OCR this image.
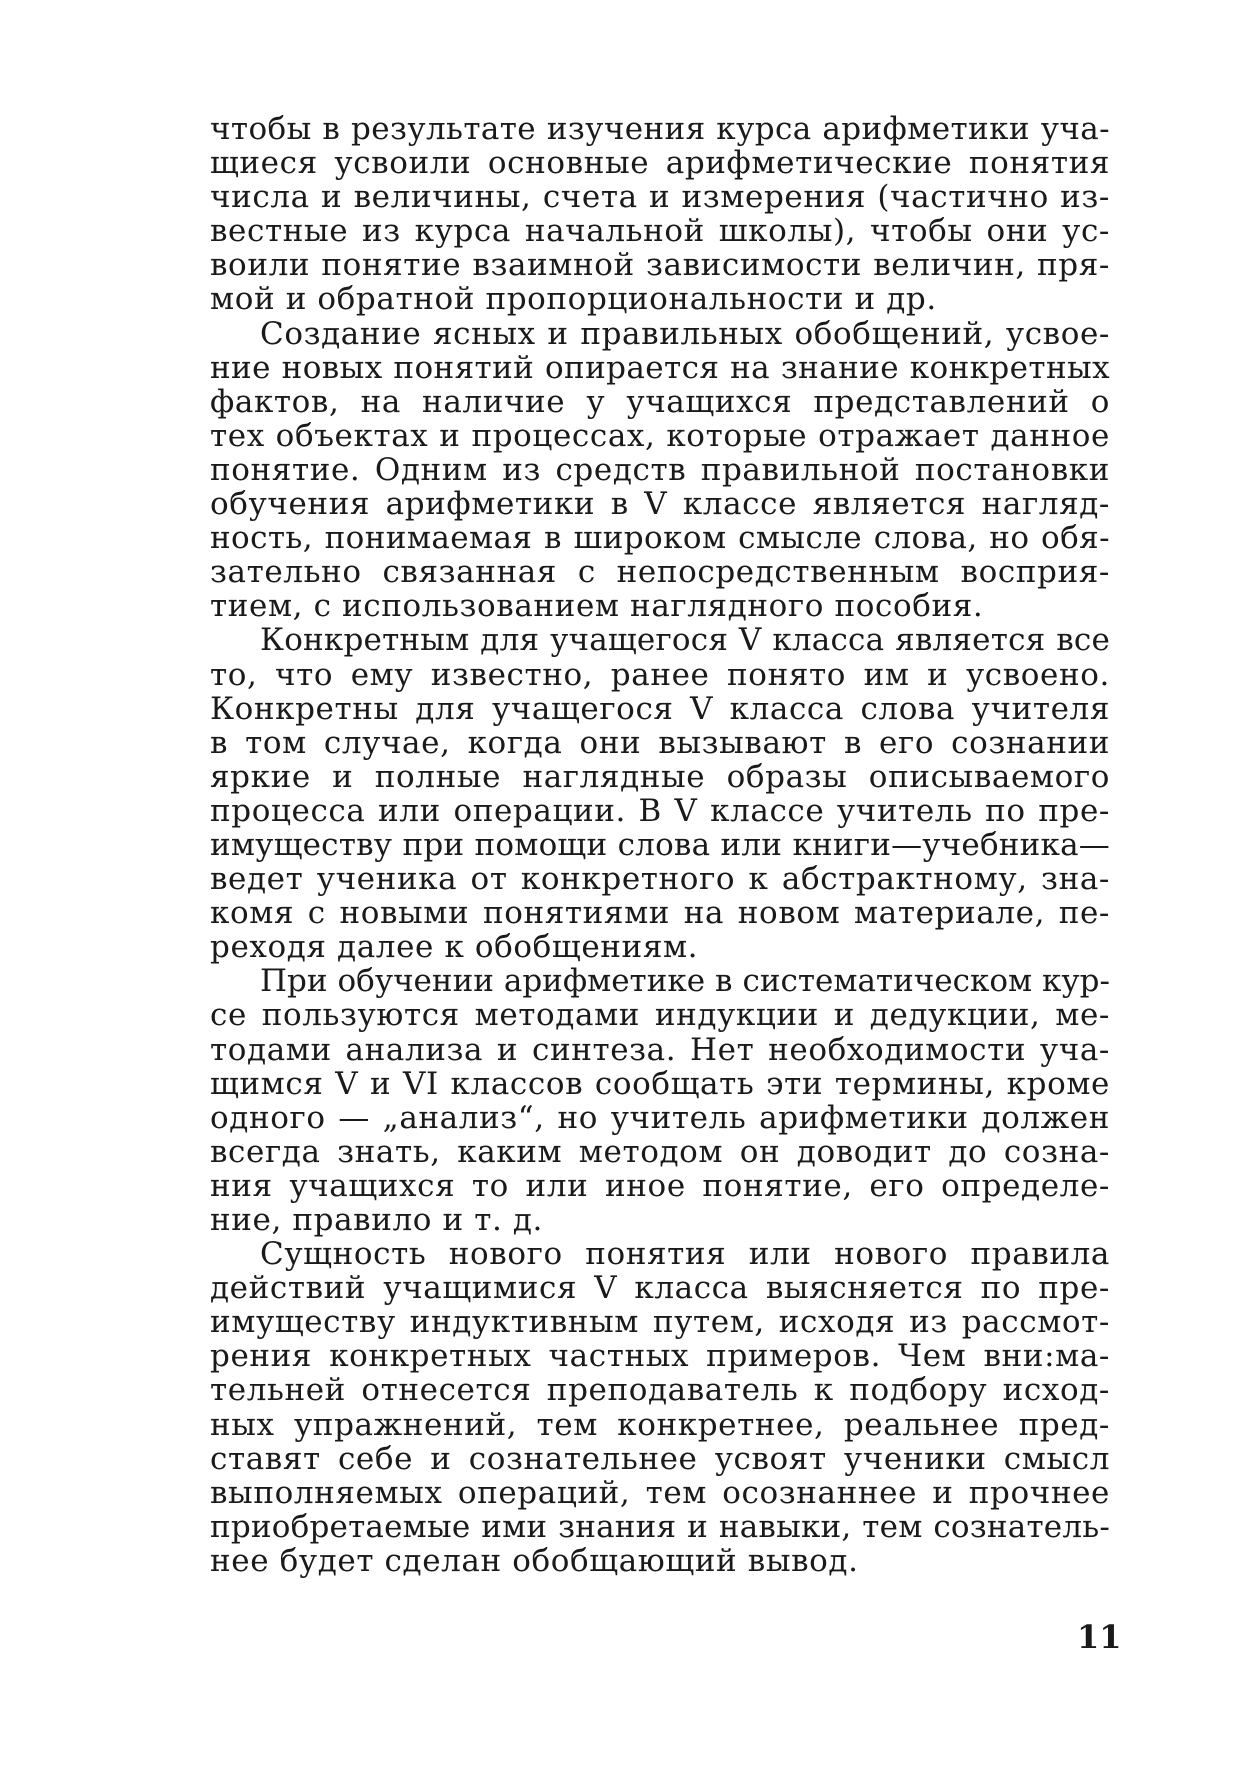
чтобы в результате изучения курса арифметики уча-
щиеся усвоили основные арифметические понятия
числа и величины, счета и измерения (частично из-
вестные из курса начальной школы), чтобы они ус-
воили понятие взаимной зависимости величин, пря-
мой и обратной пропорциональности и др.
Создание ясных и правильных обобщений, усвое-
ние новых понятий опирается на знание конкретных
фактов, на наличие у учащихся представлений о
тех объектах и процессах, которые отражает данное
понятие. Одним из средств правильной постановки
обучения арифметики в V классе является нагляд-
ность, понимаемая в широком смысле слова, но обя-
зательно связанная с непосредственным восприя-
тием, с использованием наглядного пособия.
Конкретным для учащегося V класса является все
то, что ему известно, ранее понято им и усвоено.
Конкретны для учащегося V класса слова учителя
в том случае, когда они вызывают в его сознании
яркие и полные наглядные образы описываемого
процесса или операции. В V классе учитель по пре-
имуществу при помощи слова или книги—учебника—
ведет ученика от конкретного к абстрактному, зна-
комя с новыми понятиями на новом материале, пе-
реходя далее к обобщениям.
При обучении арифметике в систематическом кур-
се пользуются методами индукции и дедукции, ме-
тодами анализа и синтеза. Нет необходимости уча-
щимся V и VI классов сообщать эти термины, кроме
одного — „анализ“, но учитель арифметики должен
всегда знать, каким методом он доводит до созна-
ния учащихся то или иное понятие, его определе-
ние, правило и т. д.
Сущность нового понятия или нового правила
действий учащимися V класса выясняется по пре-
имуществу индуктивным путем, исходя из рассмот-
рения конкретных частных примеров. Чем вни:ма-
тельней отнесется преподаватель к подбору исход-
ных упражнений, тем конкретнее, реальнее пред-
ставят себе и сознательнее усвоят ученики смысл
выполняемых операций, тем осознаннее и прочнее
приобретаемые ими знания и навыки, тем сознатель-
нее будет сделан обобщающий вывод.
11
